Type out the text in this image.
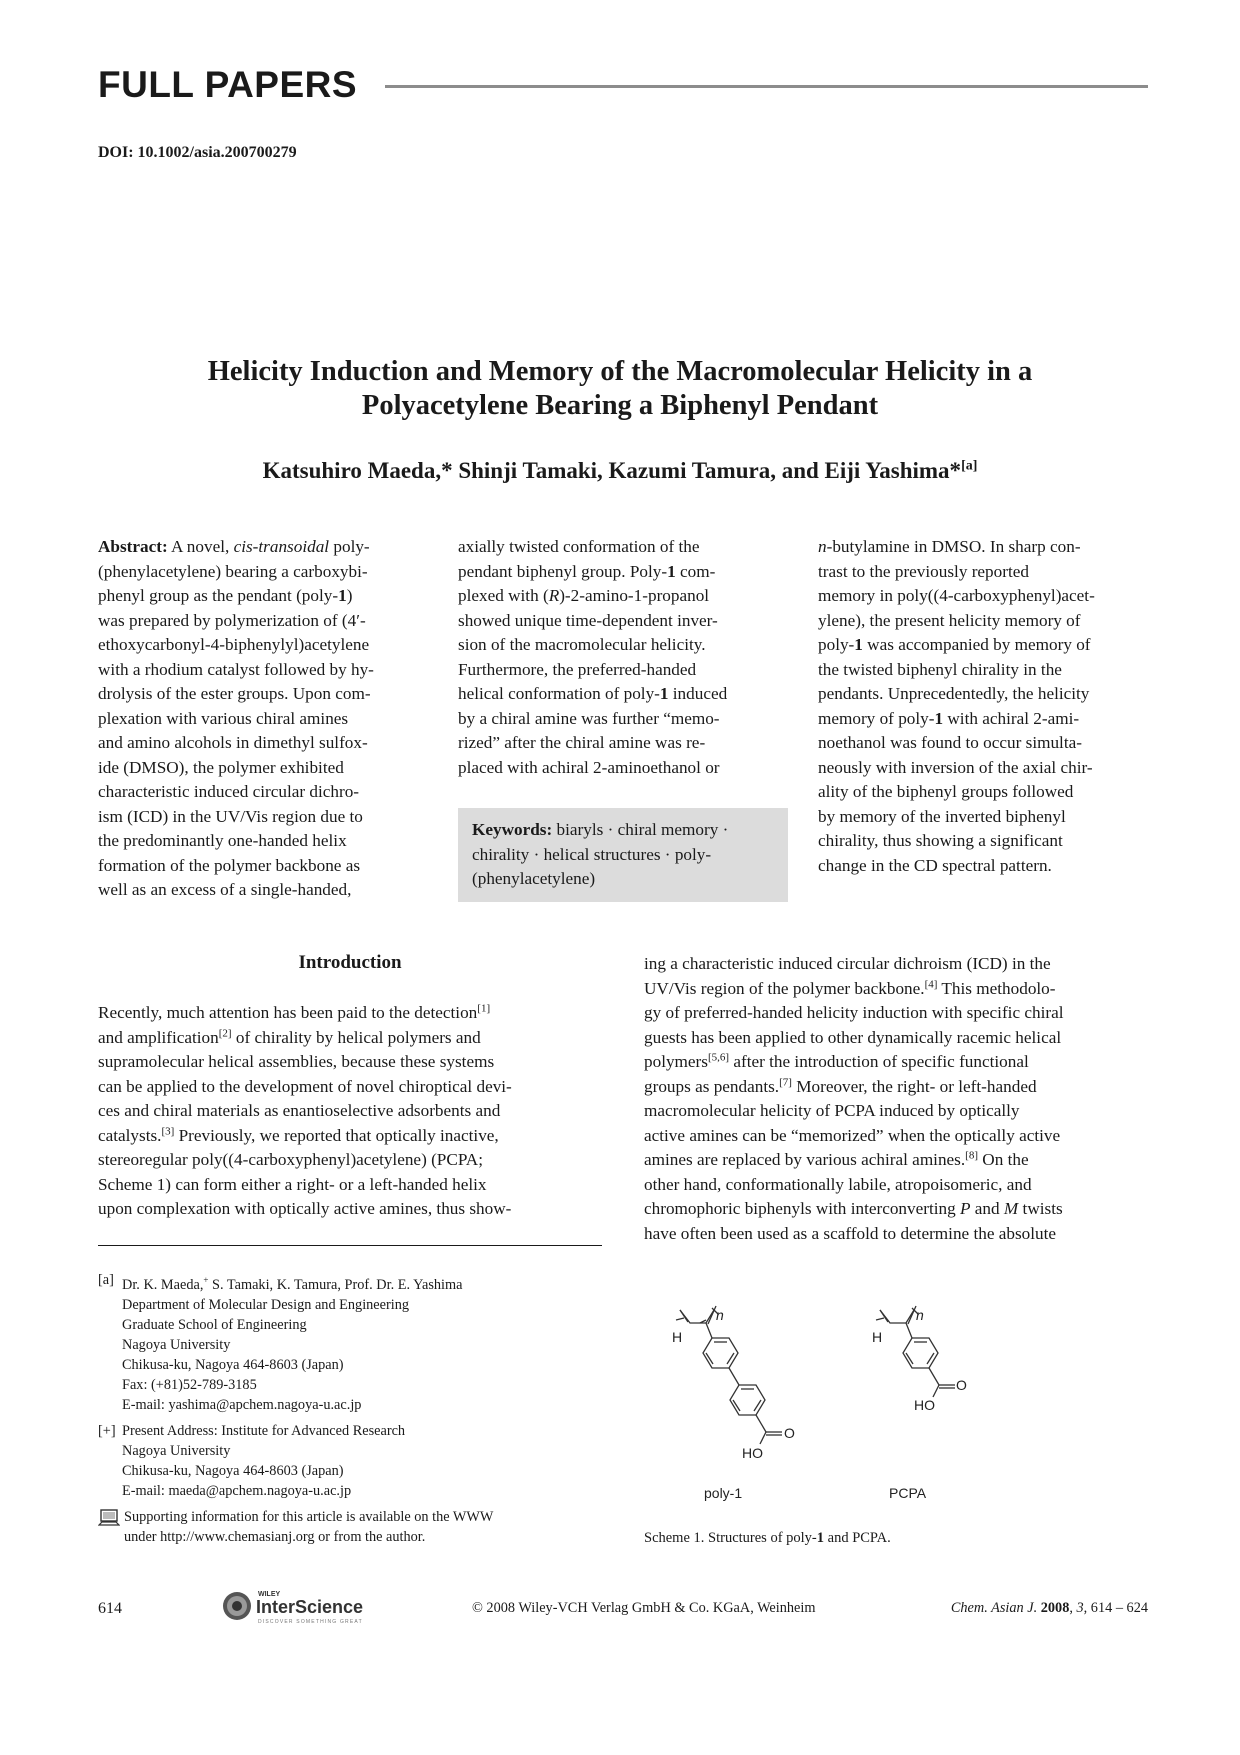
FULL PAPERS
DOI: 10.1002/asia.200700279
Helicity Induction and Memory of the Macromolecular Helicity in a
Polyacetylene Bearing a Biphenyl Pendant
Katsuhiro Maeda,* Shinji Tamaki, Kazumi Tamura, and Eiji Yashima*[a]

Abstract: A novel, cis-transoidal poly-

(phenylacetylene) bearing a carboxybi-

phenyl group as the pendant (poly-1)

was prepared by polymerization of (4′-

ethoxycarbonyl-4-biphenylyl)acetylene

with a rhodium catalyst followed by hy-

drolysis of the ester groups. Upon com-

plexation with various chiral amines

and amino alcohols in dimethyl sulfox-

ide (DMSO), the polymer exhibited

characteristic induced circular dichro-

ism (ICD) in the UV/Vis region due to

the predominantly one-handed helix

formation of the polymer backbone as

well as an excess of a single-handed,

axially twisted conformation of the

pendant biphenyl group. Poly-1 com-

plexed with (R)-2-amino-1-propanol

showed unique time-dependent inver-

sion of the macromolecular helicity.

Furthermore, the preferred-handed

helical conformation of poly-1 induced

by a chiral amine was further “memo-

rized” after the chiral amine was re-

placed with achiral 2-aminoethanol or

Keywords: biaryls · chiral memory ·

chirality · helical structures · poly-

(phenylacetylene)

n-butylamine in DMSO. In sharp con-

trast to the previously reported

memory in poly((4-carboxyphenyl)acet-

ylene), the present helicity memory of

poly-1 was accompanied by memory of

the twisted biphenyl chirality in the

pendants. Unprecedentedly, the helicity

memory of poly-1 with achiral 2-ami-

noethanol was found to occur simulta-

neously with inversion of the axial chir-

ality of the biphenyl groups followed

by memory of the inverted biphenyl

chirality, thus showing a significant

change in the CD spectral pattern.

Introduction

Recently, much attention has been paid to the detection[1]

and amplification[2] of chirality by helical polymers and

supramolecular helical assemblies, because these systems

can be applied to the development of novel chiroptical devi-

ces and chiral materials as enantioselective adsorbents and

catalysts.[3] Previously, we reported that optically inactive,

stereoregular poly((4-carboxyphenyl)acetylene) (PCPA;

Scheme 1) can form either a right- or a left-handed helix

upon complexation with optically active amines, thus show-

ing a characteristic induced circular dichroism (ICD) in the

UV/Vis region of the polymer backbone.[4] This methodolo-

gy of preferred-handed helicity induction with specific chiral

guests has been applied to other dynamically racemic helical

polymers[5,6] after the introduction of specific functional

groups as pendants.[7] Moreover, the right- or left-handed

macromolecular helicity of PCPA induced by optically

active amines can be “memorized” when the optically active

amines are replaced by various achiral amines.[8] On the

other hand, conformationally labile, atropoisomeric, and

chromophoric biphenyls with interconverting P and M twists

have often been used as a scaffold to determine the absolute

[a] Dr. K. Maeda,+ S. Tamaki, K. Tamura, Prof. Dr. E. Yashima
Department of Molecular Design and Engineering
Graduate School of Engineering
Nagoya University
Chikusa-ku, Nagoya 464-8603 (Japan)
Fax: (+81)52-789-3185
E-mail: yashima@apchem.nagoya-u.ac.jp
[+] Present Address: Institute for Advanced Research
Nagoya University
Chikusa-ku, Nagoya 464-8603 (Japan)
E-mail: maeda@apchem.nagoya-u.ac.jp
Supporting information for this article is available on the WWW
under http://www.chemasianj.org or from the author.
H
n
O
HO
H
n
O
HO
poly-1	PCPA
Scheme 1. Structures of poly-1 and PCPA.
614
WILEY
InterScience
DISCOVER SOMETHING GREAT
© 2008 Wiley-VCH Verlag GmbH & Co. KGaA, Weinheim	Chem. Asian J. 2008, 3, 614 – 624
